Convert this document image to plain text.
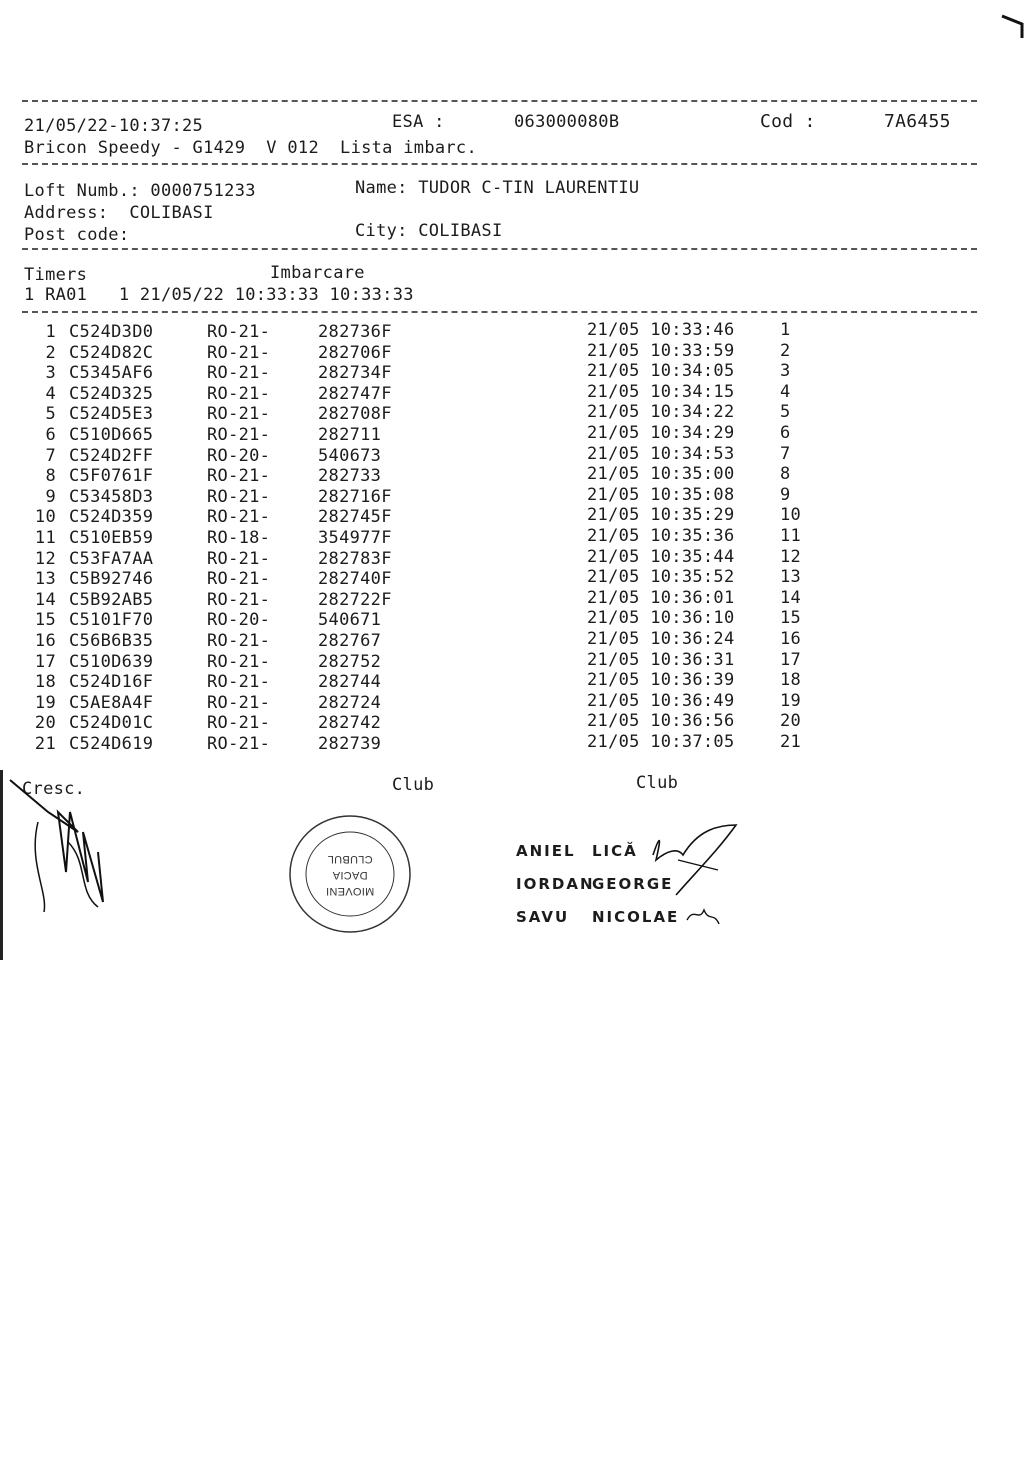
21/05/22-10:37:25	ESA :	063000080B	Cod :	7A6455
Bricon Speedy - G1429  V 012  Lista imbarc.
Loft Numb.: 0000751233	Name: TUDOR C-TIN LAURENTIU
Address:  COLIBASI
Post code:	City: COLIBASI
Timers	Imbarcare
1 RA01   1 21/05/22 10:33:33 10:33:33
1 C524D3D0	RO-21-	282736F	21/05 10:33:46	1
2 C524D82C	RO-21-	282706F	21/05 10:33:59	2
3 C5345AF6	RO-21-	282734F	21/05 10:34:05	3
4 C524D325	RO-21-	282747F	21/05 10:34:15	4
5 C524D5E3	RO-21-	282708F	21/05 10:34:22	5
6 C510D665	RO-21-	282711	21/05 10:34:29	6
7 C524D2FF	RO-20-	540673	21/05 10:34:53	7
8 C5F0761F	RO-21-	282733	21/05 10:35:00	8
9 C53458D3	RO-21-	282716F	21/05 10:35:08	9
10 C524D359	RO-21-	282745F	21/05 10:35:29	10
11 C510EB59	RO-18-	354977F	21/05 10:35:36	11
12 C53FA7AA	RO-21-	282783F	21/05 10:35:44	12
13 C5B92746	RO-21-	282740F	21/05 10:35:52	13
14 C5B92AB5	RO-21-	282722F	21/05 10:36:01	14
15 C5101F70	RO-20-	540671	21/05 10:36:10	15
16 C56B6B35	RO-21-	282767	21/05 10:36:24	16
17 C510D639	RO-21-	282752	21/05 10:36:31	17
18 C524D16F	RO-21-	282744	21/05 10:36:39	18
19 C5AE8A4F	RO-21-	282724	21/05 10:36:49	19
20 C524D01C	RO-21-	282742	21/05 10:36:56	20
21 C524D619	RO-21-	282739	21/05 10:37:05	21
Cresc.	Club	Club
MIOVENI
DACIA
CLUBUL	ANIEL LICĂ
IORDAN
GEORGE
SAVU NICOLAE
